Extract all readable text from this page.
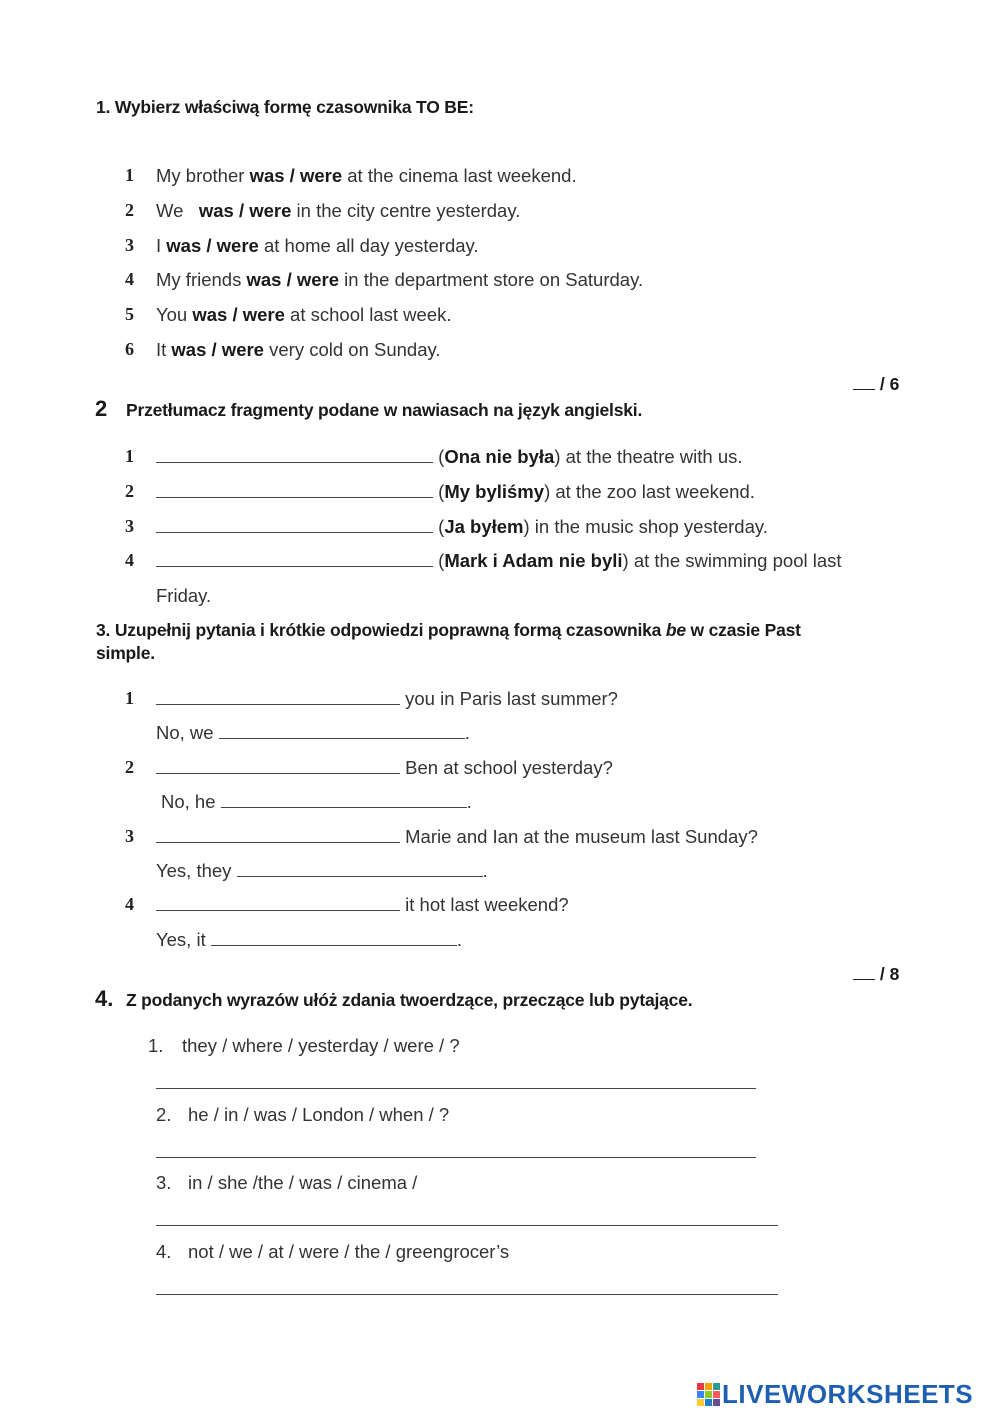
1. Wybierz właściwą formę czasownika TO BE:
1 My brother was / were at the cinema last weekend.
2 We   was / were in the city centre yesterday.
3 I was / were at home all day yesterday.
4 My friends was / were in the department store on Saturday.
5 You was / were at school last week.
6 It was / were very cold on Sunday.
/ 6
2 Przetłumacz fragmenty podane w nawiasach na język angielski.
1	(Ona nie była) at the theatre with us.
2	(My byliśmy) at the zoo last weekend.
3	(Ja byłem) in the music shop yesterday.
4	(Mark i Adam nie byli) at the swimming pool last
Friday.
3. Uzupełnij pytania i krótkie odpowiedzi poprawną formą czasownika be w czasie Past
simple.
1	you in Paris last summer?
No, we	.
2	Ben at school yesterday?
No, he	.
3	Marie and Ian at the museum last Sunday?
Yes, they	.
4	it hot last weekend?
Yes, it	.
/ 8
4. Z podanych wyrazów ułóż zdania twoerdzące, przeczące lub pytające.
1. they / where / yesterday / were / ?
2. he / in / was / London / when / ?
3. in / she /the / was / cinema /
4. not / we / at / were / the / greengrocer’s
LIVEWORKSHEETS
